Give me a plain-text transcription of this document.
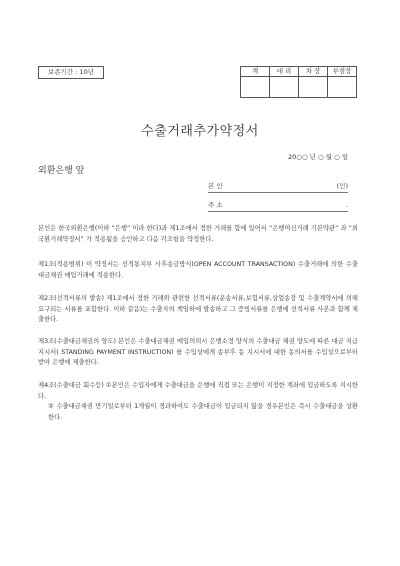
보존기간 : 10년	계	대 리	차 장	부점장

수출거래추가약정서
20○○ 년 ○ 월 ○ 일
외환은행 앞
본 인	(인)
주 소	.

본인은 한국외환은행(이하 “은행” 이라 한다)과 제1조에서 정한 거래를 함에 있어서 “은행여신거래 기본약관” 과 “외국환거래약정서” 가 적용됨을 승인하고 다음 각조항을 약정한다.

제1조(적용범위) 이 약정서는 선적통지부 사후송금방식(OPEN ACCOUNT TRANSACTION) 수출거래에 의한 수출대금채권 매입거래에 적용한다.

제2조(선적서류의 발송) 제1조에서 정한 거래와 관련한 선적서류(운송서류,보험서류,상업송장 및 수출계약서에 의해 요구되는 서류를 포함한다. 이하 같음)는 수출자의 책임하에 발송하고 그 증빙서류를 은행에 선적서류 사본과 함께 제출한다.

제3조(수출대금채권의 양도) 본인은 수출대금채권 매입의뢰시 은행소정 양식의 수출대금 채권 양도에 따른 대금 지급지시서( STANDING PAYMENT INSTRUCTION) 를 수입상에게 송부후 동 지시서에 대한 동의서를 수입상으로부터 받아 은행에 제출한다.

제4조(수출대금 회수등) ①본인은 수입자에게 수출대금을 은행에 직접 또는 은행이 지정한 계좌에 입금하도록 지시한다.

② 수출대금채권 만기일로부터 1개월이 경과하여도 수출대금이 입금되지 않을 경우본인은 즉시 수출대금을 상환한다.
